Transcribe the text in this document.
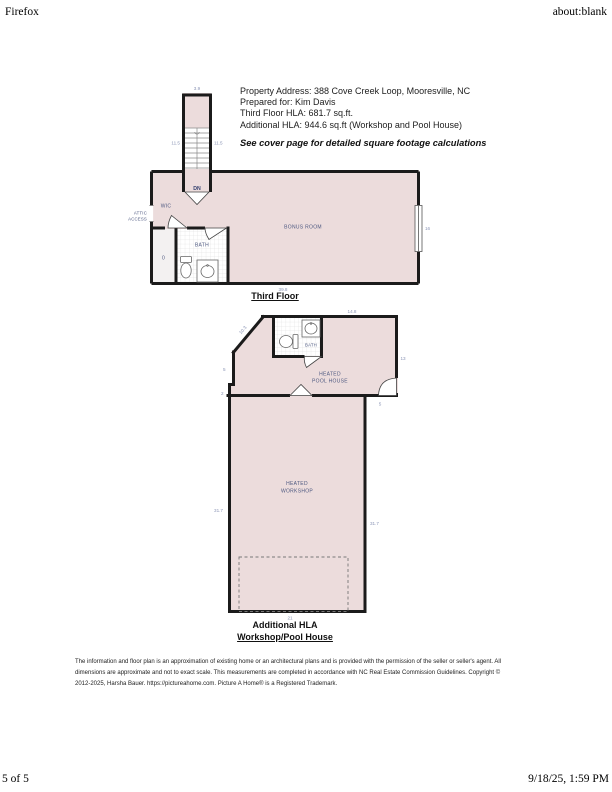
Firefox	about:blank
Property Address: 388 Cove Creek Loop, Mooresville, NC
Prepared for: Kim Davis
Third Floor HLA: 681.7 sq.ft.
Additional HLA: 944.6 sq.ft (Workshop and Pool House)
See cover page for detailed square footage calculations
3.9
11.5	11.5
DN
WIC
ATTIC
ACCESS
0
BATH
BONUS ROOM	16
39.8
Third Floor
14.8
10.3
13
5
5
2
BATH
HEATED
POOL HOUSE
HEATED
WORKSHOP
31.7
31.7
21
Additional HLA
Workshop/Pool House
The information and floor plan is an approximation of existing home or an architectural plans and is provided with the permission of the seller or seller's agent. All
dimensions are approximate and not to exact scale. This measurements are completed in accordance with NC Real Estate Commission Guidelines. Copyright ©
2012-2025, Harsha Bauer. https://pictureahome.com. Picture A Home® is a Registered Trademark.
5 of 5	9/18/25, 1:59 PM
